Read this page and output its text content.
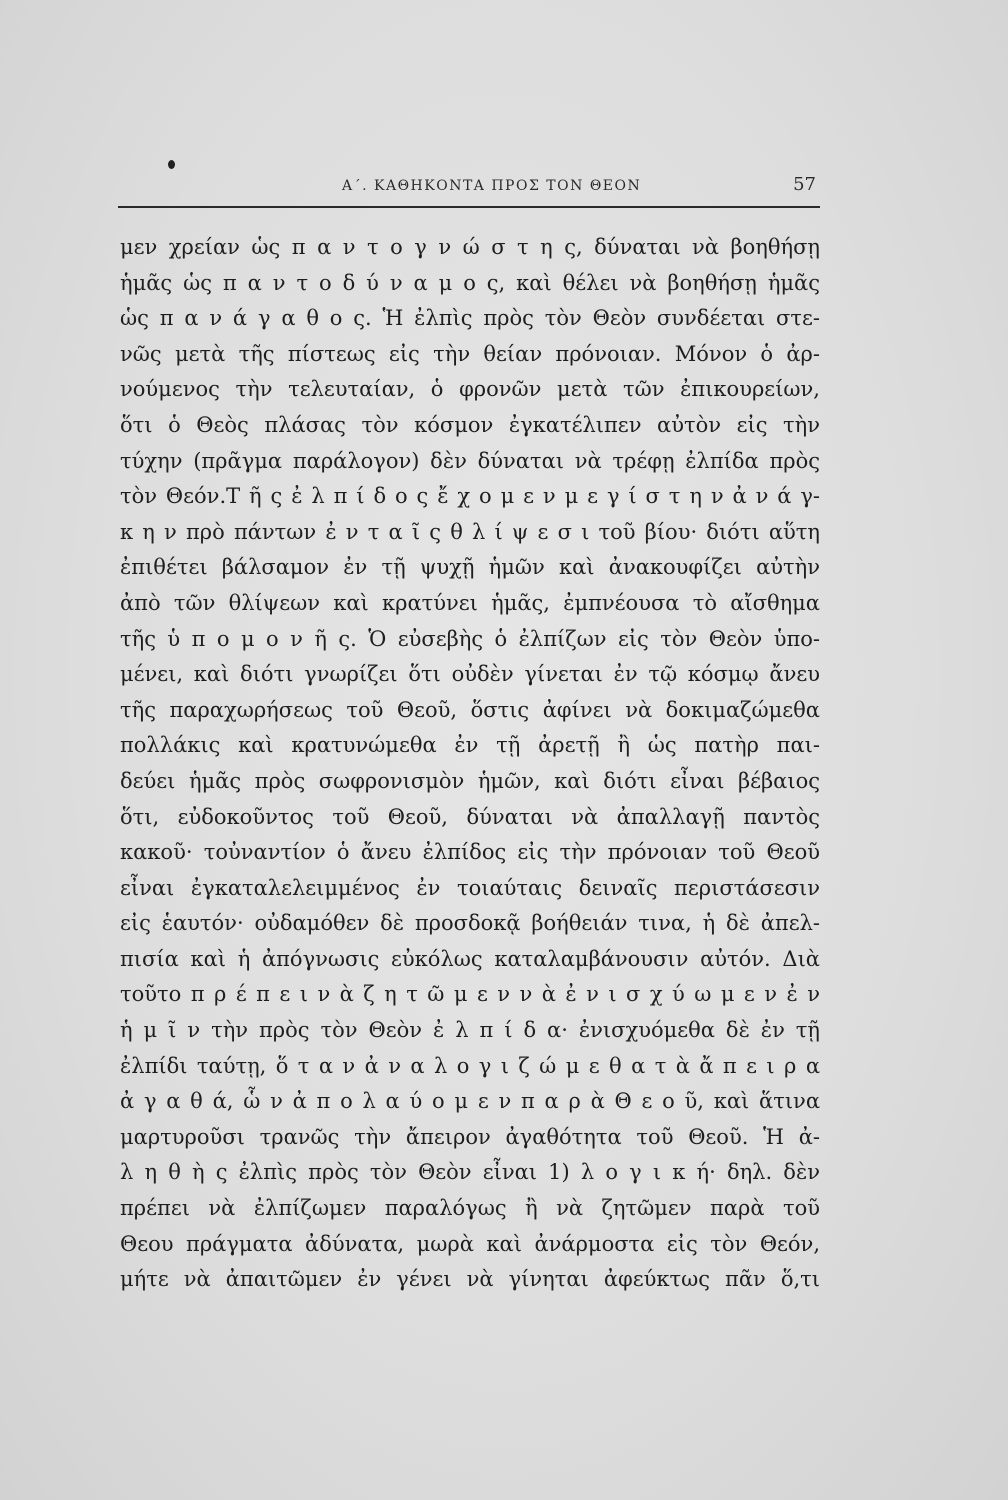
Α΄. ΚΑΘΗΚΟΝΤΑ ΠΡΟΣ ΤΟΝ ΘΕΟΝ	57
μεν χρείαν ὡς π α ν τ ο γ ν ώ σ τ η ς, δύναται νὰ βοηθήσῃ
ἡμᾶς ὡς π α ν τ ο δ ύ ν α μ ο ς, καὶ θέλει νὰ βοηθήσῃ ἡμᾶς
ὡς π α ν ά γ α θ ο ς. Ἡ ἐλπὶς πρὸς τὸν Θεὸν συνδέεται στε-
νῶς μετὰ τῆς πίστεως εἰς τὴν θείαν πρόνοιαν. Μόνον ὁ ἀρ-
νούμενος τὴν τελευταίαν, ὁ φρονῶν μετὰ τῶν ἐπικουρείων,
ὅτι ὁ Θεὸς πλάσας τὸν κόσμον ἐγκατέλιπεν αὐτὸν εἰς τὴν
τύχην (πρᾶγμα παράλογον) δὲν δύναται νὰ τρέφῃ ἐλπίδα πρὸς
τὸν Θεόν.Τ ῆ ς ἐ λ π ί δ ο ς ἔ χ ο μ ε ν μ ε γ ί σ τ η ν ἀ ν ά γ-
κ η ν πρὸ πάντων ἐ ν τ α ῖ ς θ λ ί ψ ε σ ι τοῦ βίου· διότι αὕτη
ἐπιθέτει βάλσαμον ἐν τῇ ψυχῇ ἡμῶν καὶ ἀνακουφίζει αὐτὴν
ἀπὸ τῶν θλίψεων καὶ κρατύνει ἡμᾶς, ἐμπνέουσα τὸ αἴσθημα
τῆς ὑ π ο μ ο ν ῆ ς. Ὁ εὐσεβὴς ὁ ἐλπίζων εἰς τὸν Θεὸν ὑπο-
μένει, καὶ διότι γνωρίζει ὅτι οὐδὲν γίνεται ἐν τῷ κόσμῳ ἄνευ
τῆς παραχωρήσεως τοῦ Θεοῦ, ὅστις ἀφίνει νὰ δοκιμαζώμεθα
πολλάκις καὶ κρατυνώμεθα ἐν τῇ ἀρετῇ ἢ ὡς πατὴρ παι-
δεύει ἡμᾶς πρὸς σωφρονισμὸν ἡμῶν, καὶ διότι εἶναι βέβαιος
ὅτι, εὐδοκοῦντος τοῦ Θεοῦ, δύναται νὰ ἀπαλλαγῇ παντὸς
κακοῦ· τοὐναντίον ὁ ἄνευ ἐλπίδος εἰς τὴν πρόνοιαν τοῦ Θεοῦ
εἶναι ἐγκαταλελειμμένος ἐν τοιαύταις δειναῖς περιστάσεσιν
εἰς ἑαυτόν· οὐδαμόθεν δὲ προσδοκᾷ βοήθειάν τινα, ἡ δὲ ἀπελ-
πισία καὶ ἡ ἀπόγνωσις εὐκόλως καταλαμβάνουσιν αὐτόν. Διὰ
τοῦτο π ρ έ π ε ι ν ὰ ζ η τ ῶ μ ε ν ν ὰ ἐ ν ι σ χ ύ ω μ ε ν ἐ ν
ἡ μ ῖ ν τὴν πρὸς τὸν Θεὸν ἐ λ π ί δ α· ἐνισχυόμεθα δὲ ἐν τῇ
ἐλπίδι ταύτῃ, ὅ τ α ν ἀ ν α λ ο γ ι ζ ώ μ ε θ α τ ὰ ἄ π ε ι ρ α
ἀ γ α θ ά, ὧ ν ἀ π ο λ α ύ ο μ ε ν π α ρ ὰ Θ ε ο ῦ, καὶ ἅτινα
μαρτυροῦσι τρανῶς τὴν ἄπειρον ἀγαθότητα τοῦ Θεοῦ. Ἡ ἀ-
λ η θ ὴ ς ἐλπὶς πρὸς τὸν Θεὸν εἶναι 1) λ ο γ ι κ ή· δηλ. δὲν
πρέπει νὰ ἐλπίζωμεν παραλόγως ἢ νὰ ζητῶμεν παρὰ τοῦ
Θεου πράγματα ἀδύνατα, μωρὰ καὶ ἀνάρμοστα εἰς τὸν Θεόν,
μήτε νὰ ἀπαιτῶμεν ἐν γένει νὰ γίνηται ἀφεύκτως πᾶν ὅ,τι
